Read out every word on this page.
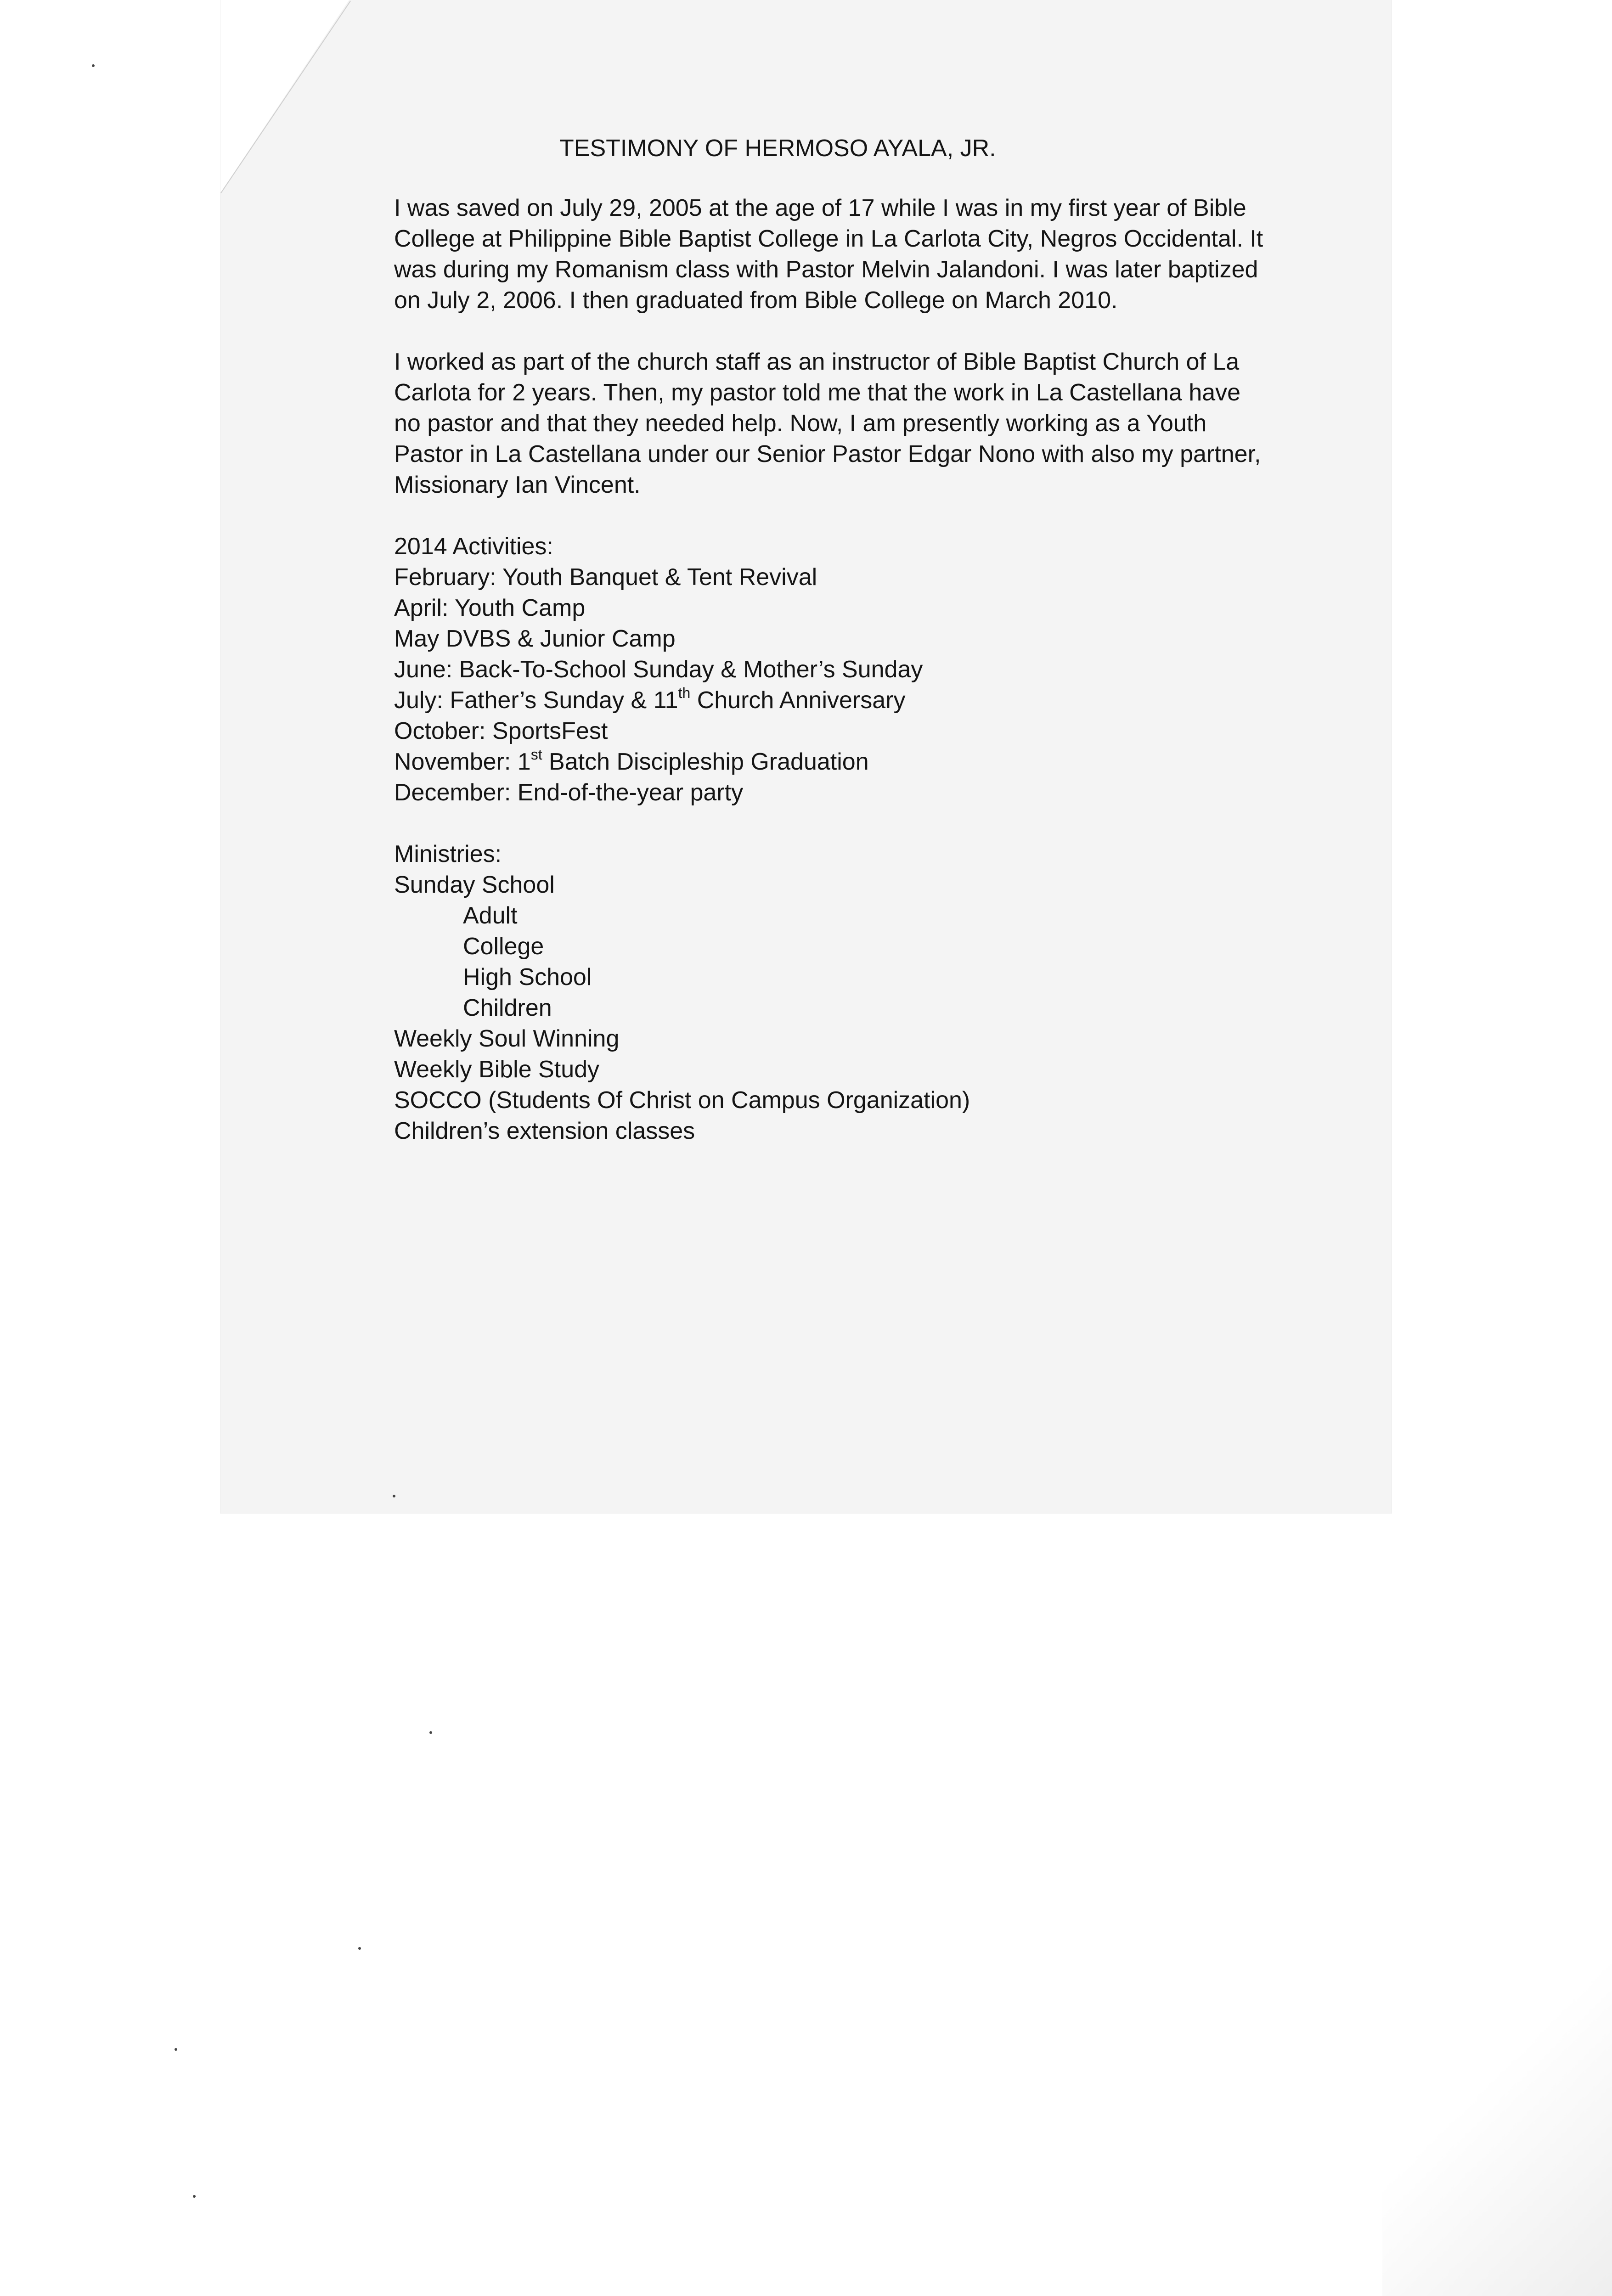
TESTIMONY OF HERMOSO AYALA, JR.

I was saved on July 29, 2005 at the age of 17 while I was in my first year of Bible College at Philippine Bible Baptist College in La Carlota City, Negros Occidental. It was during my Romanism class with Pastor Melvin Jalandoni. I was later baptized on July 2, 2006. I then graduated from Bible College on March 2010.

I worked as part of the church staff as an instructor of Bible Baptist Church of La Carlota for 2 years. Then, my pastor told me that the work in La Castellana have no pastor and that they needed help. Now, I am presently working as a Youth Pastor in La Castellana under our Senior Pastor Edgar Nono with also my partner, Missionary Ian Vincent.

2014 Activities:
February: Youth Banquet & Tent Revival
April: Youth Camp
May DVBS & Junior Camp
June: Back-To-School Sunday & Mother’s Sunday
July: Father’s Sunday & 11th Church Anniversary
October: SportsFest
November: 1st Batch Discipleship Graduation
December: End-of-the-year party
Ministries:
Sunday School
Adult
College
High School
Children
Weekly Soul Winning
Weekly Bible Study
SOCCO (Students Of Christ on Campus Organization)
Children’s extension classes
